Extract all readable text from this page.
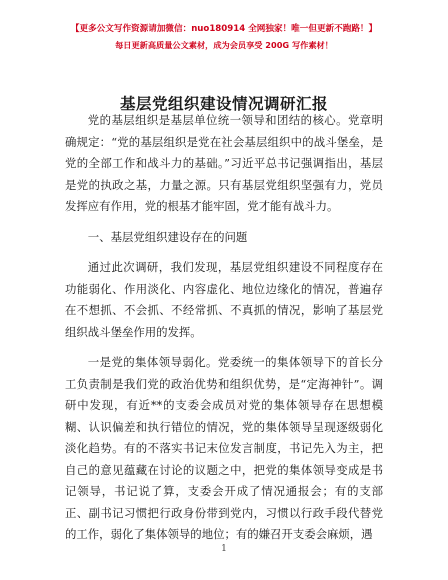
【更多公文写作资源请加微信：nuo180914 全网独家！唯一但更新不跑路！】
每日更新高质量公文素材，成为会员享受 200G 写作素材！
基层党组织建设情况调研汇报

党的基层组织是基层单位统一领导和团结的核心。党章明确规定：“党的基层组织是党在社会基层组织中的战斗堡垒，是党的全部工作和战斗力的基础。”习近平总书记强调指出，基层是党的执政之基，力量之源。只有基层党组织坚强有力，党员发挥应有作用，党的根基才能牢固，党才能有战斗力。

一、基层党组织建设存在的问题

通过此次调研，我们发现，基层党组织建设不同程度存在功能弱化、作用淡化、内容虚化、地位边缘化的情况，普遍存在不想抓、不会抓、不经常抓、不真抓的情况，影响了基层党组织战斗堡垒作用的发挥。

一是党的集体领导弱化。党委统一的集体领导下的首长分工负责制是我们党的政治优势和组织优势，是“定海神针”。调研中发现，有近**的支委会成员对党的集体领导存在思想模糊、认识偏差和执行错位的情况，党的集体领导呈现逐级弱化淡化趋势。有的不落实书记末位发言制度，书记先入为主，把自己的意见蕴藏在讨论的议题之中，把党的集体领导变成是书记领导，书记说了算，支委会开成了情况通报会；有的支部正、副书记习惯把行政身份带到党内，习惯以行政手段代替党的工作，弱化了集体领导的地位；有的嫌召开支委会麻烦，遇

1
